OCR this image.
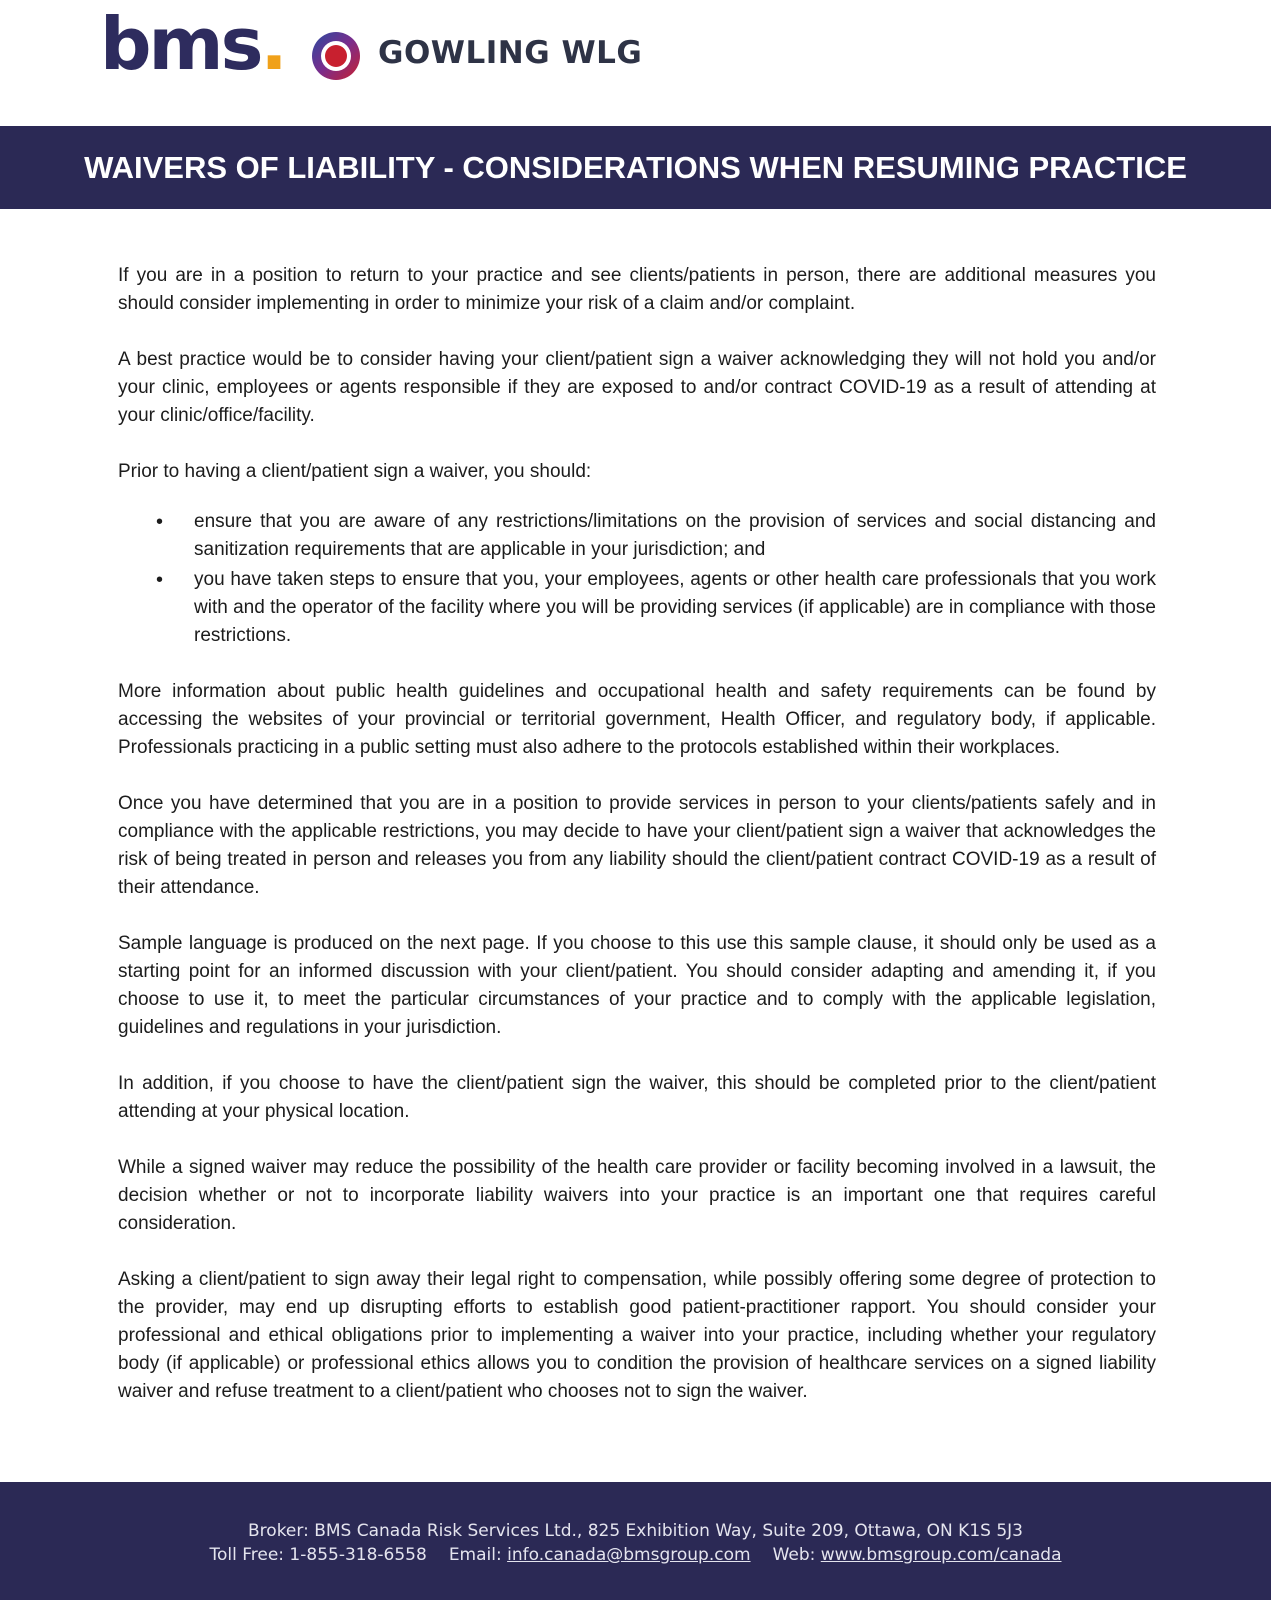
bms.	GOWLING WLG
WAIVERS OF LIABILITY - CONSIDERATIONS WHEN RESUMING PRACTICE

If you are in a position to return to your practice and see clients/patients in person, there are additional measures you should consider implementing in order to minimize your risk of a claim and/or complaint.

A best practice would be to consider having your client/patient sign a waiver acknowledging they will not hold you and/or your clinic, employees or agents responsible if they are exposed to and/or contract COVID-19 as a result of attending at your clinic/office/facility.

Prior to having a client/patient sign a waiver, you should:

• ensure that you are aware of any restrictions/limitations on the provision of services and social distancing and sanitization requirements that are applicable in your jurisdiction; and
• you have taken steps to ensure that you, your employees, agents or other health care professionals that you work with and the operator of the facility where you will be providing services (if applicable) are in compliance with those restrictions.

More information about public health guidelines and occupational health and safety requirements can be found by accessing the websites of your provincial or territorial government, Health Officer, and regulatory body, if applicable. Professionals practicing in a public setting must also adhere to the protocols established within their workplaces.

Once you have determined that you are in a position to provide services in person to your clients/patients safely and in compliance with the applicable restrictions, you may decide to have your client/patient sign a waiver that acknowledges the risk of being treated in person and releases you from any liability should the client/patient contract COVID-19 as a result of their attendance.

Sample language is produced on the next page. If you choose to this use this sample clause, it should only be used as a starting point for an informed discussion with your client/patient. You should consider adapting and amending it, if you choose to use it, to meet the particular circumstances of your practice and to comply with the applicable legislation, guidelines and regulations in your jurisdiction.

In addition, if you choose to have the client/patient sign the waiver, this should be completed prior to the client/patient attending at your physical location.

While a signed waiver may reduce the possibility of the health care provider or facility becoming involved in a lawsuit, the decision whether or not to incorporate liability waivers into your practice is an important one that requires careful consideration.

Asking a client/patient to sign away their legal right to compensation, while possibly offering some degree of protection to the provider, may end up disrupting efforts to establish good patient-practitioner rapport. You should consider your professional and ethical obligations prior to implementing a waiver into your practice, including whether your regulatory body (if applicable) or professional ethics allows you to condition the provision of healthcare services on a signed liability waiver and refuse treatment to a client/patient who chooses not to sign the waiver.

Broker: BMS Canada Risk Services Ltd., 825 Exhibition Way, Suite 209, Ottawa, ON K1S 5J3
Toll Free: 1-855-318-6558 Email: info.canada@bmsgroup.com Web: www.bmsgroup.com/canada
